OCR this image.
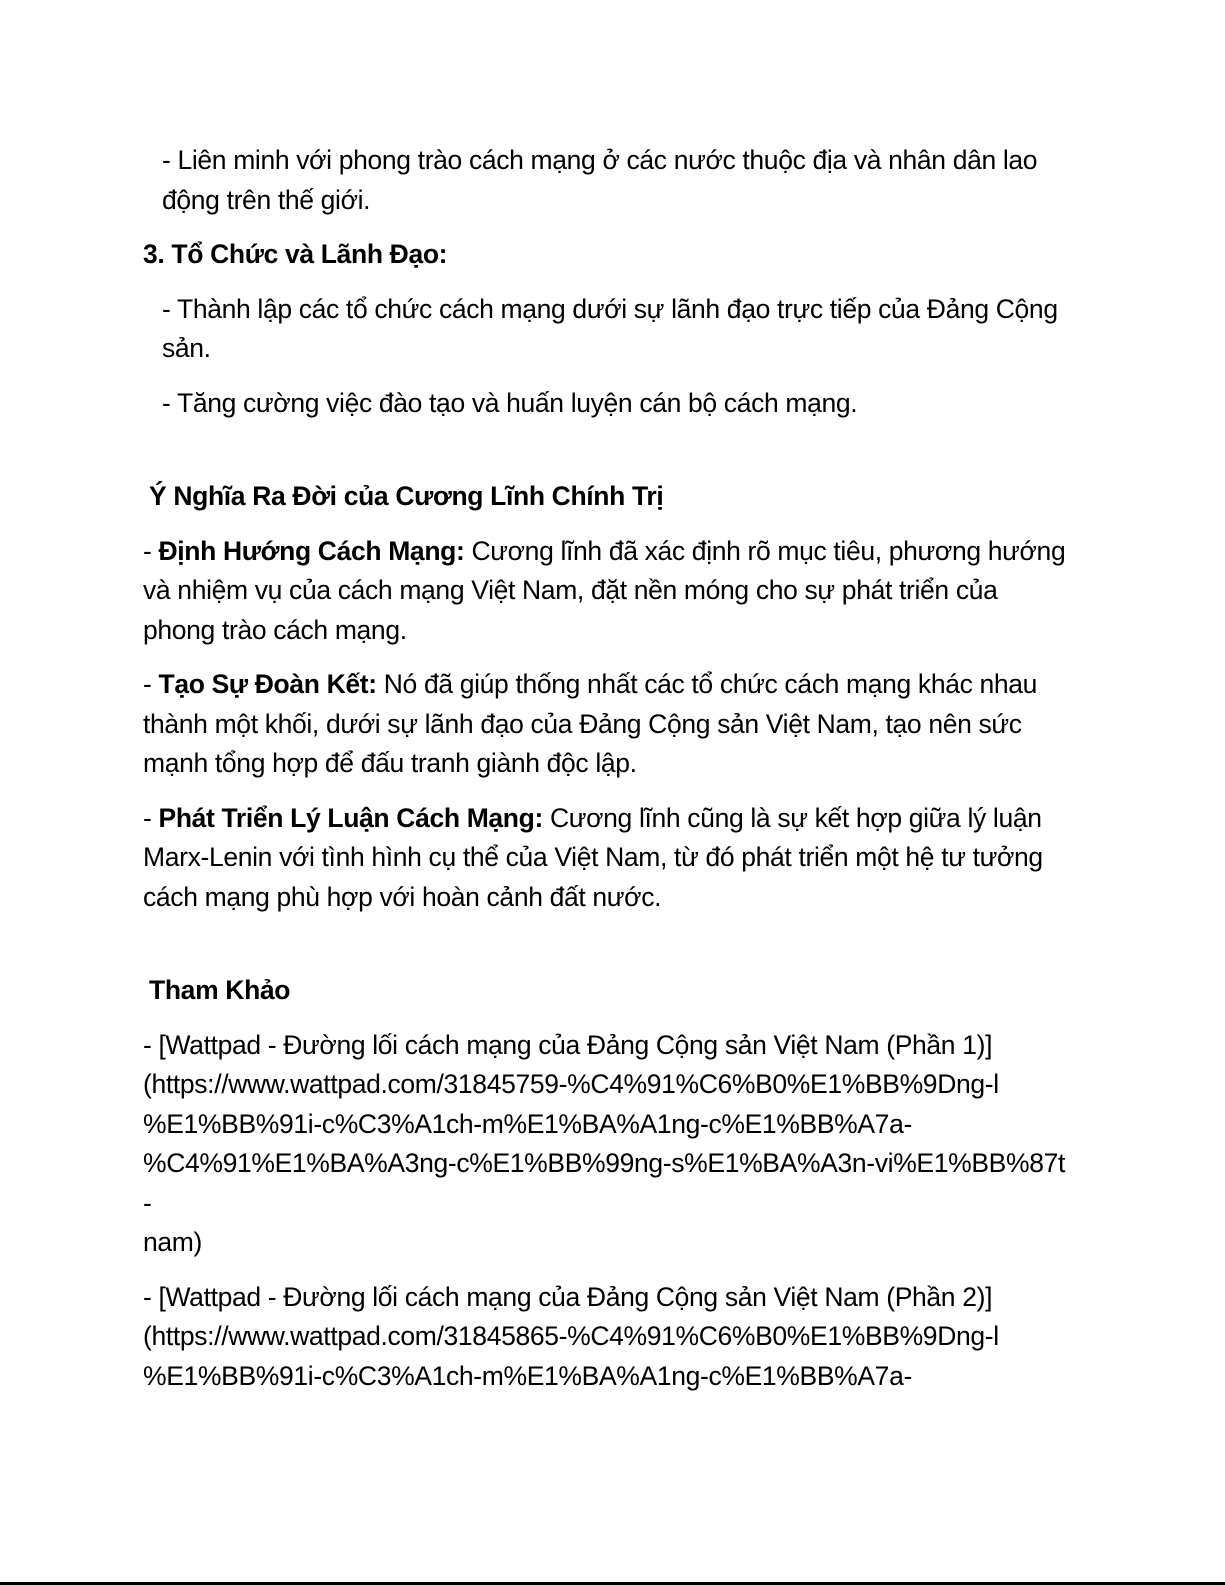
- Liên minh với phong trào cách mạng ở các nước thuộc địa và nhân dân lao động trên thế giới.

3. Tổ Chức và Lãnh Đạo:

- Thành lập các tổ chức cách mạng dưới sự lãnh đạo trực tiếp của Đảng Cộng sản.

- Tăng cường việc đào tạo và huấn luyện cán bộ cách mạng.

Ý Nghĩa Ra Đời của Cương Lĩnh Chính Trị

- Định Hướng Cách Mạng: Cương lĩnh đã xác định rõ mục tiêu, phương hướng và nhiệm vụ của cách mạng Việt Nam, đặt nền móng cho sự phát triển của phong trào cách mạng.

- Tạo Sự Đoàn Kết: Nó đã giúp thống nhất các tổ chức cách mạng khác nhau thành một khối, dưới sự lãnh đạo của Đảng Cộng sản Việt Nam, tạo nên sức mạnh tổng hợp để đấu tranh giành độc lập.

- Phát Triển Lý Luận Cách Mạng: Cương lĩnh cũng là sự kết hợp giữa lý luận Marx-Lenin với tình hình cụ thể của Việt Nam, từ đó phát triển một hệ tư tưởng cách mạng phù hợp với hoàn cảnh đất nước.

Tham Khảo

- [Wattpad - Đường lối cách mạng của Đảng Cộng sản Việt Nam (Phần 1)]

(https://www.wattpad.com/31845759-%C4%91%C6%B0%E1%BB%9Dng-l

%E1%BB%91i-c%C3%A1ch-m%E1%BA%A1ng-c%E1%BB%A7a-

%C4%91%E1%BA%A3ng-c%E1%BB%99ng-s%E1%BA%A3n-vi%E1%BB%87t-

nam)

- [Wattpad - Đường lối cách mạng của Đảng Cộng sản Việt Nam (Phần 2)]

(https://www.wattpad.com/31845865-%C4%91%C6%B0%E1%BB%9Dng-l

%E1%BB%91i-c%C3%A1ch-m%E1%BA%A1ng-c%E1%BB%A7a-
